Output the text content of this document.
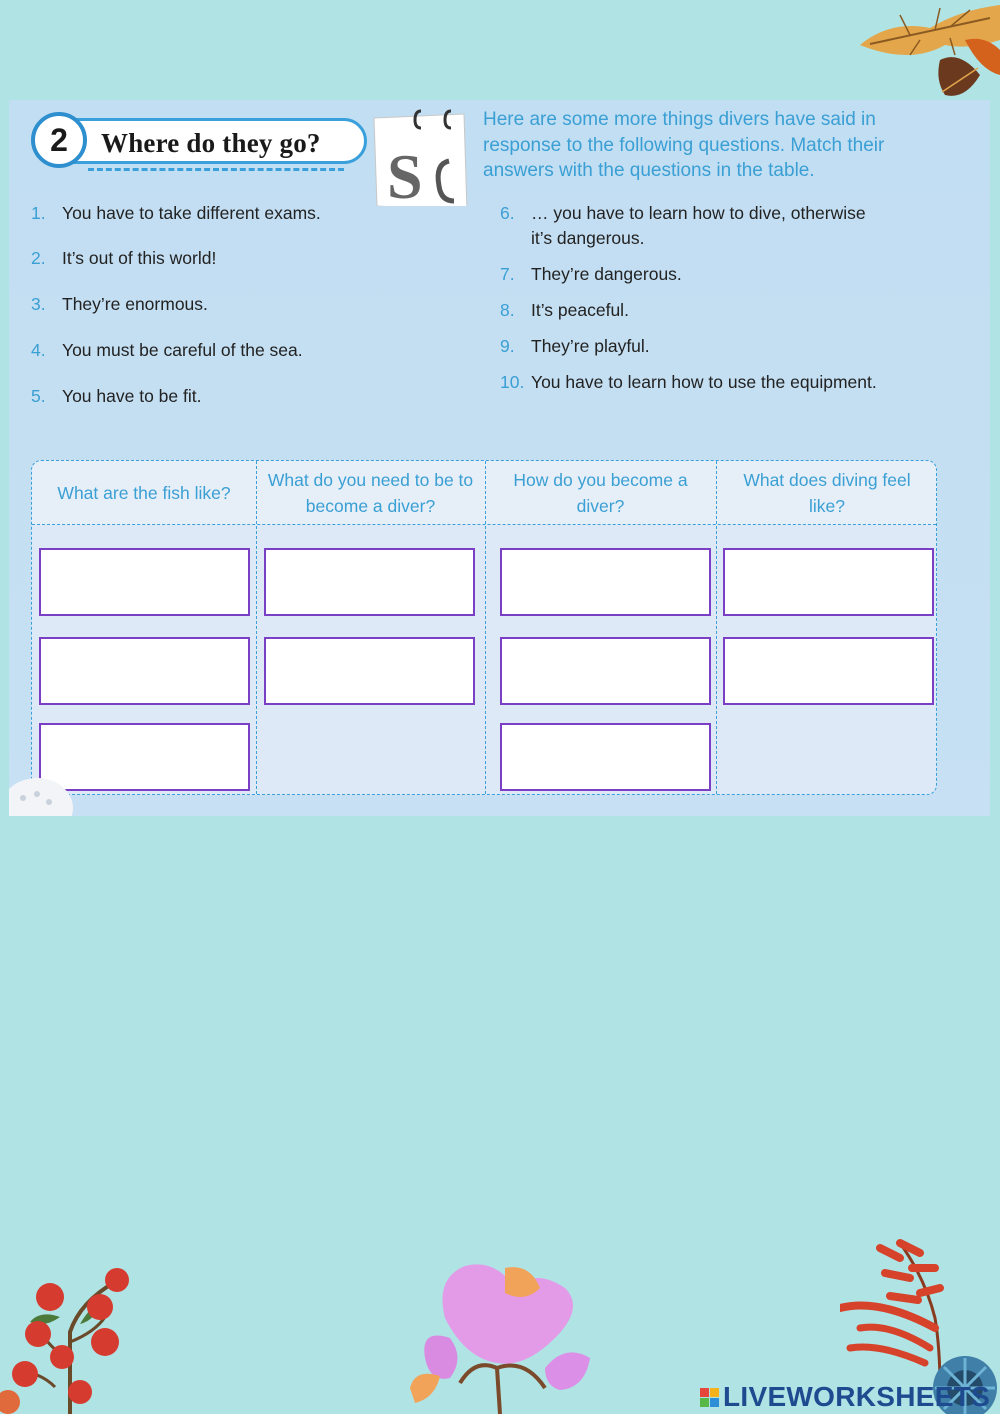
2	Where do they go? S
Here are some more things divers have said in response to the following questions. Match their answers with the questions in the table.
1. You have to take different exams.
2. It’s out of this world!
3. They’re enormous.
4. You must be careful of the sea.
5. You have to be fit.
6. … you have to learn how to dive, otherwise
it’s dangerous.
7. They’re dangerous.
8. It’s peaceful.
9. They’re playful.
10. You have to learn how to use the equipment.
What are the fish like?
What do you need to be to become a diver?
How do you become a diver?
What does diving feel like?
LIVEWORKSHEETS
